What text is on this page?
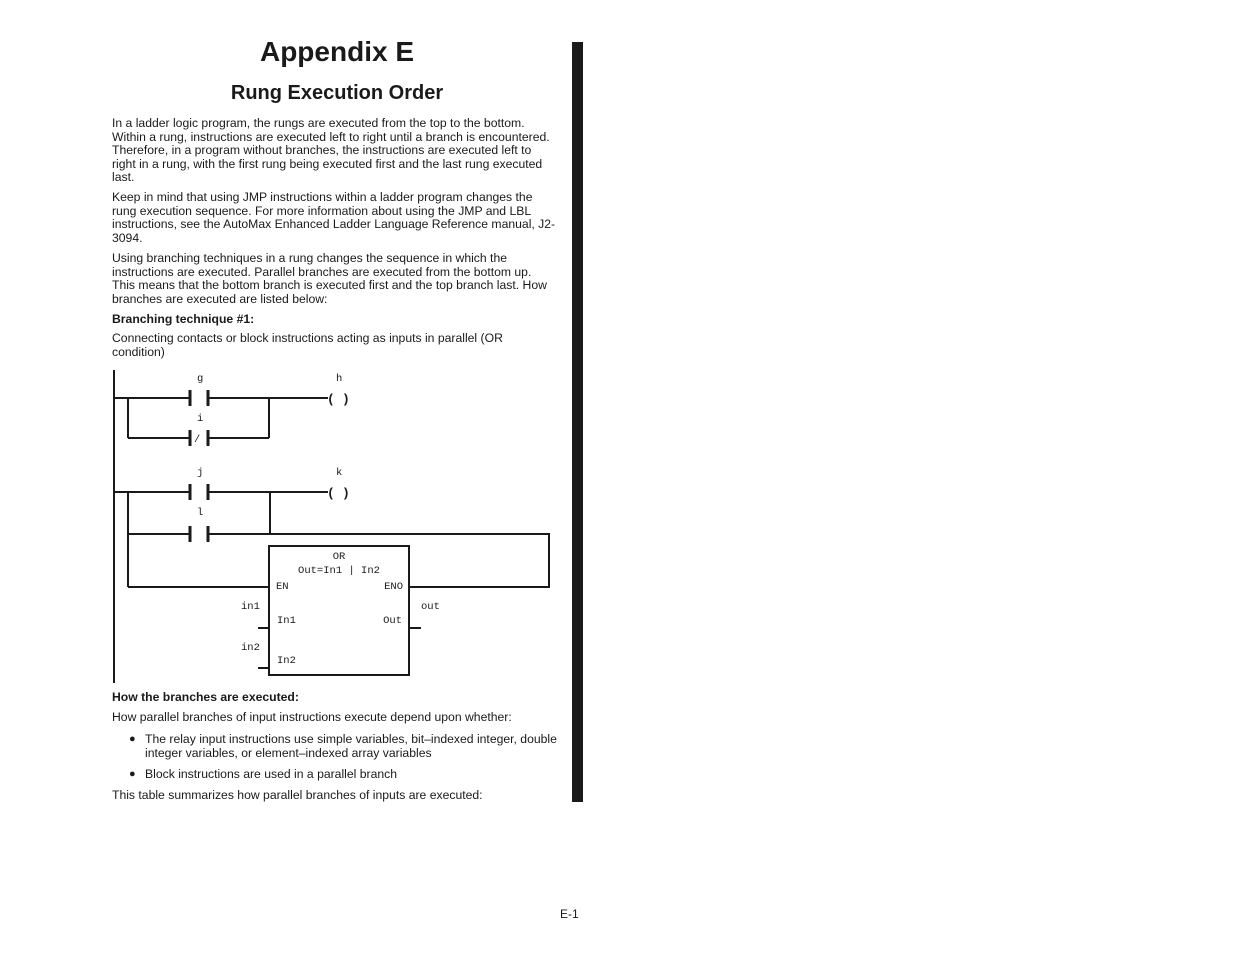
Appendix E
Rung Execution Order

In a ladder logic program, the rungs are executed from the top to the bottom. Within a rung, instructions are executed left to right until a branch is encountered. Therefore, in a program without branches, the instructions are executed left to right in a rung, with the first rung being executed first and the last rung executed last.

Keep in mind that using JMP instructions within a ladder program changes the rung execution sequence. For more information about using the JMP and LBL instructions, see the AutoMax Enhanced Ladder Language Reference manual, J2-3094.

Using branching techniques in a rung changes the sequence in which the instructions are executed. Parallel branches are executed from the bottom up. This means that the bottom branch is executed first and the top branch last. How branches are executed are listed below:

Branching technique #1:

Connecting contacts or block instructions acting as inputs in parallel (OR condition)

g
i
/
h
( )
j
l
k
( )
OR
Out=In1 | In2
EN	ENO
In1	Out
In2
in1	out
in2

How the branches are executed:

How parallel branches of input instructions execute depend upon whether:

● The relay input instructions use simple variables, bit–indexed integer, double integer variables, or element–indexed array variables

● Block instructions are used in a parallel branch

This table summarizes how parallel branches of inputs are executed:

E-1
